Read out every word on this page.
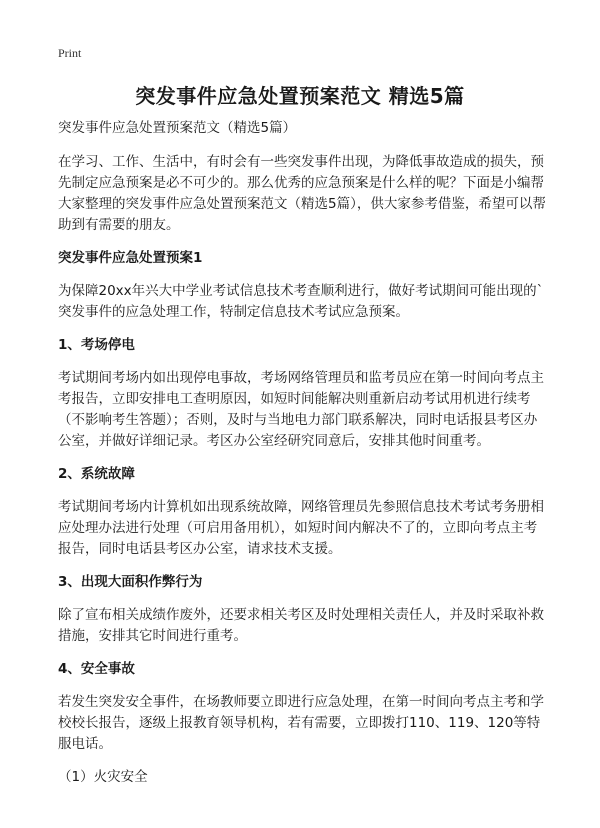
Print
突发事件应急处置预案范文 精选5篇

突发事件应急处置预案范文（精选5篇）

在学习、工作、生活中，有时会有一些突发事件出现，为降低事故造成的损失，预先制定应急预案是必不可少的。那么优秀的应急预案是什么样的呢？下面是小编帮大家整理的突发事件应急处置预案范文（精选5篇），供大家参考借鉴，希望可以帮助到有需要的朋友。

突发事件应急处置预案1

为保障20xx年兴大中学业考试信息技术考查顺利进行，做好考试期间可能出现的`突发事件的应急处理工作，特制定信息技术考试应急预案。

1、考场停电

考试期间考场内如出现停电事故，考场网络管理员和监考员应在第一时间向考点主考报告，立即安排电工查明原因，如短时间能解决则重新启动考试用机进行续考（不影响考生答题）；否则，及时与当地电力部门联系解决，同时电话报县考区办公室，并做好详细记录。考区办公室经研究同意后，安排其他时间重考。

2、系统故障

考试期间考场内计算机如出现系统故障，网络管理员先参照信息技术考试考务册相应处理办法进行处理（可启用备用机），如短时间内解决不了的，立即向考点主考报告，同时电话县考区办公室，请求技术支援。

3、出现大面积作弊行为

除了宣布相关成绩作废外，还要求相关考区及时处理相关责任人，并及时采取补救措施，安排其它时间进行重考。

4、安全事故

若发生突发安全事件，在场教师要立即进行应急处理，在第一时间向考点主考和学校校长报告，逐级上报教育领导机构，若有需要，立即拨打110、119、120等特服电话。

（1）火灾安全
